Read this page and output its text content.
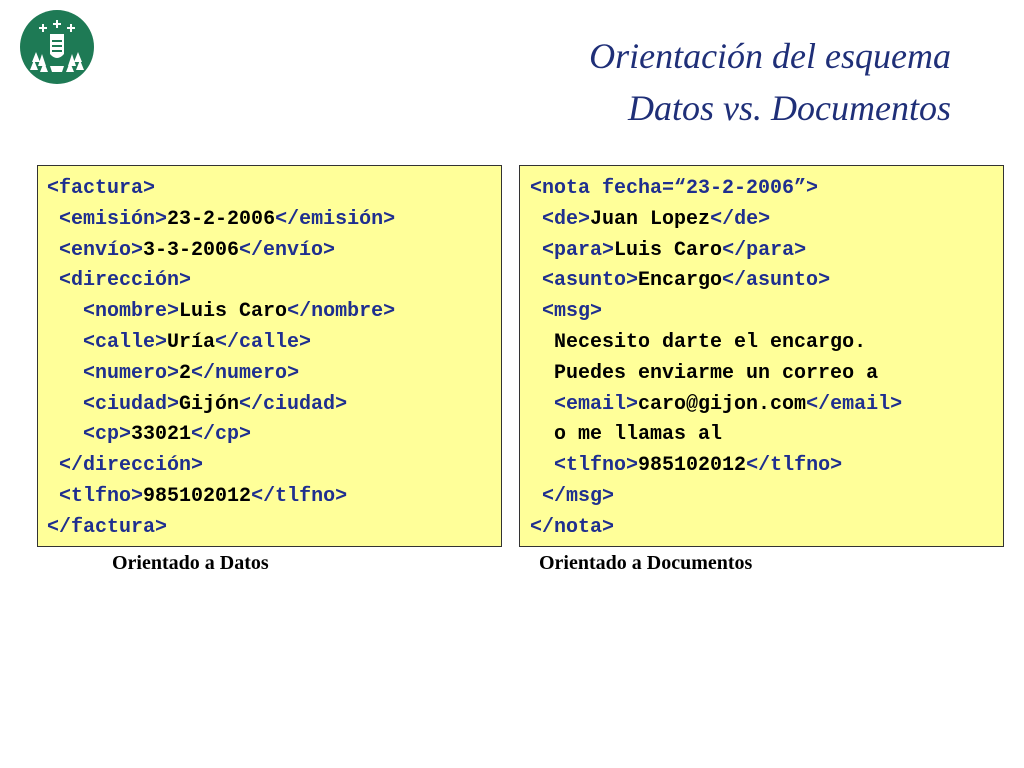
Orientación del esquema
Datos vs. Documentos
<factura>
<emisión>23-2-2006</emisión>
<envío>3-3-2006</envío>
<dirección>
<nombre>Luis Caro</nombre>
<calle>Uría</calle>
<numero>2</numero>
<ciudad>Gijón</ciudad>
<cp>33021</cp>
</dirección>
<tlfno>985102012</tlfno>
</factura>
<nota fecha=“23-2-2006”>
<de>Juan Lopez</de>
<para>Luis Caro</para>
<asunto>Encargo</asunto>
<msg>
Necesito darte el encargo.
Puedes enviarme un correo a
<email>caro@gijon.com</email>
o me llamas al
<tlfno>985102012</tlfno>
</msg>
</nota>
Orientado a Datos	Orientado a Documentos
